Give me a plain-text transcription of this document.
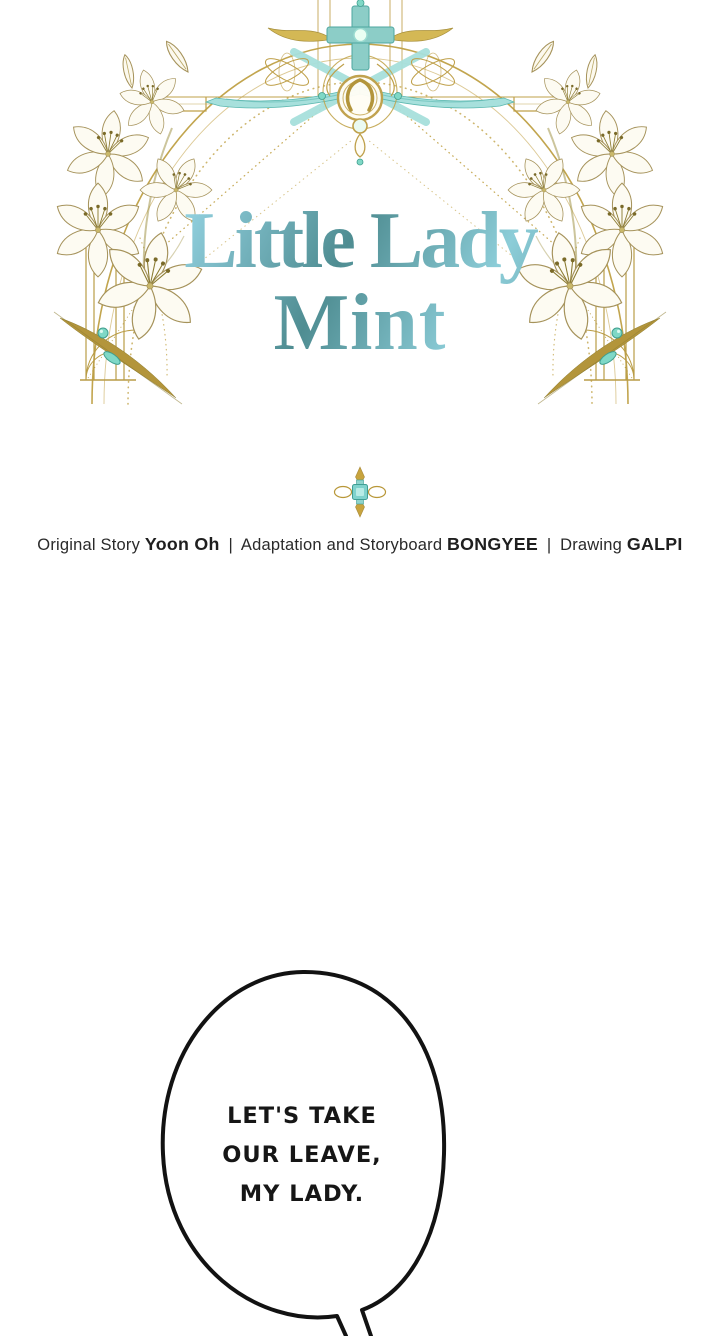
Little Lady
Mint
Original Story Yoon Oh | Adaptation and Storyboard BONGYEE | Drawing GALPI
LET'S TAKE
OUR LEAVE,
MY LADY.
